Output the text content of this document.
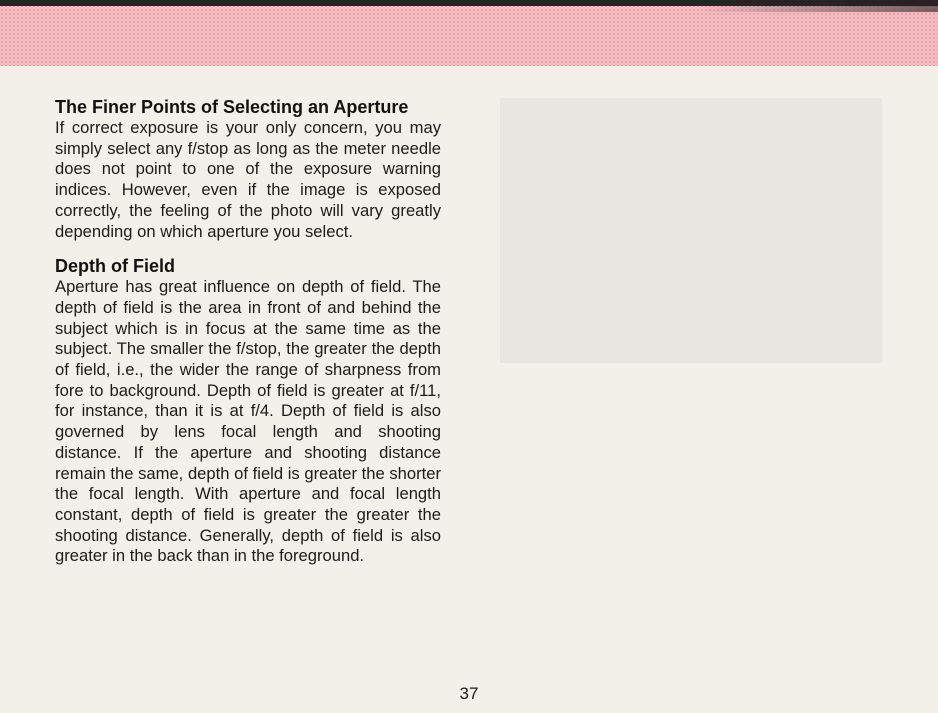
The Finer Points of Selecting an Aperture

If correct exposure is your only concern, you may simply select any f/stop as long as the meter needle does not point to one of the exposure warning indices. However, even if the image is exposed correctly, the feeling of the photo will vary greatly depending on which aperture you select.

Depth of Field

Aperture has great influence on depth of field. The depth of field is the area in front of and behind the subject which is in focus at the same time as the subject. The smaller the f/stop, the greater the depth of field, i.e., the wider the range of sharpness from fore to background. Depth of field is greater at f/11, for instance, than it is at f/4. Depth of field is also governed by lens focal length and shooting distance. If the aperture and shooting distance remain the same, depth of field is greater the shorter the focal length. With aperture and focal length constant, depth of field is greater the greater the shooting distance. Generally, depth of field is also greater in the back than in the foreground.

37
